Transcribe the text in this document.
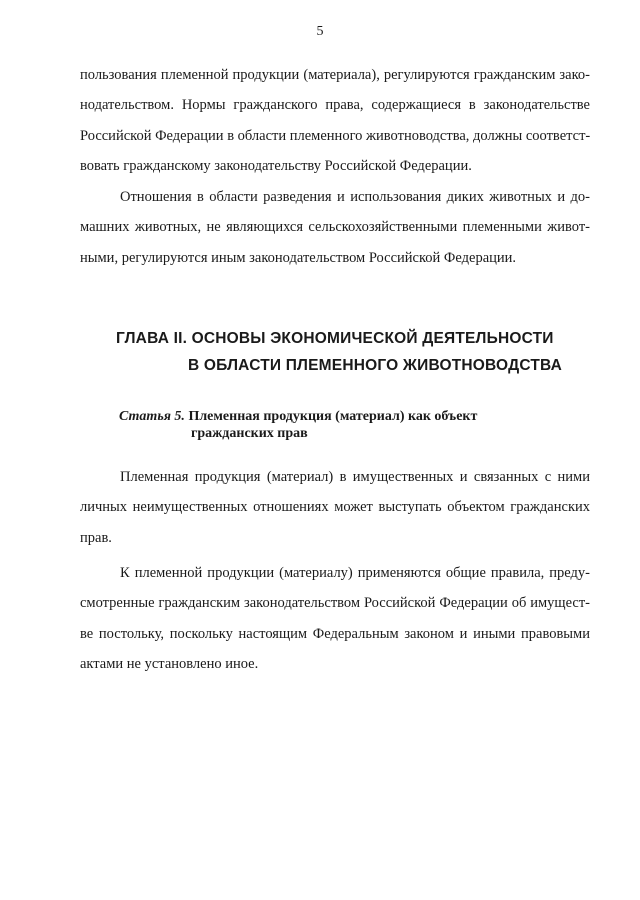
5
пользования племенной продукции (материала), регулируются гражданским зако-
нодательством. Нормы гражданского права, содержащиеся в законодательстве
Российской Федерации в области племенного животноводства, должны соответст-
вовать гражданскому законодательству Российской Федерации.
Отношения в области разведения и использования диких животных и до-
машних животных, не являющихся сельскохозяйственными племенными живот-
ными, регулируются иным законодательством Российской Федерации.
ГЛАВА II. ОСНОВЫ ЭКОНОМИЧЕСКОЙ ДЕЯТЕЛЬНОСТИ
В ОБЛАСТИ ПЛЕМЕННОГО ЖИВОТНОВОДСТВА
Статья 5. Племенная продукция (материал) как объект
гражданских прав
Племенная продукция (материал) в имущественных и связанных с ними
личных неимущественных отношениях может выступать объектом гражданских
прав.
К племенной продукции (материалу) применяются общие правила, преду-
смотренные гражданским законодательством Российской Федерации об имущест-
ве постольку, поскольку настоящим Федеральным законом и иными правовыми
актами не установлено иное.
